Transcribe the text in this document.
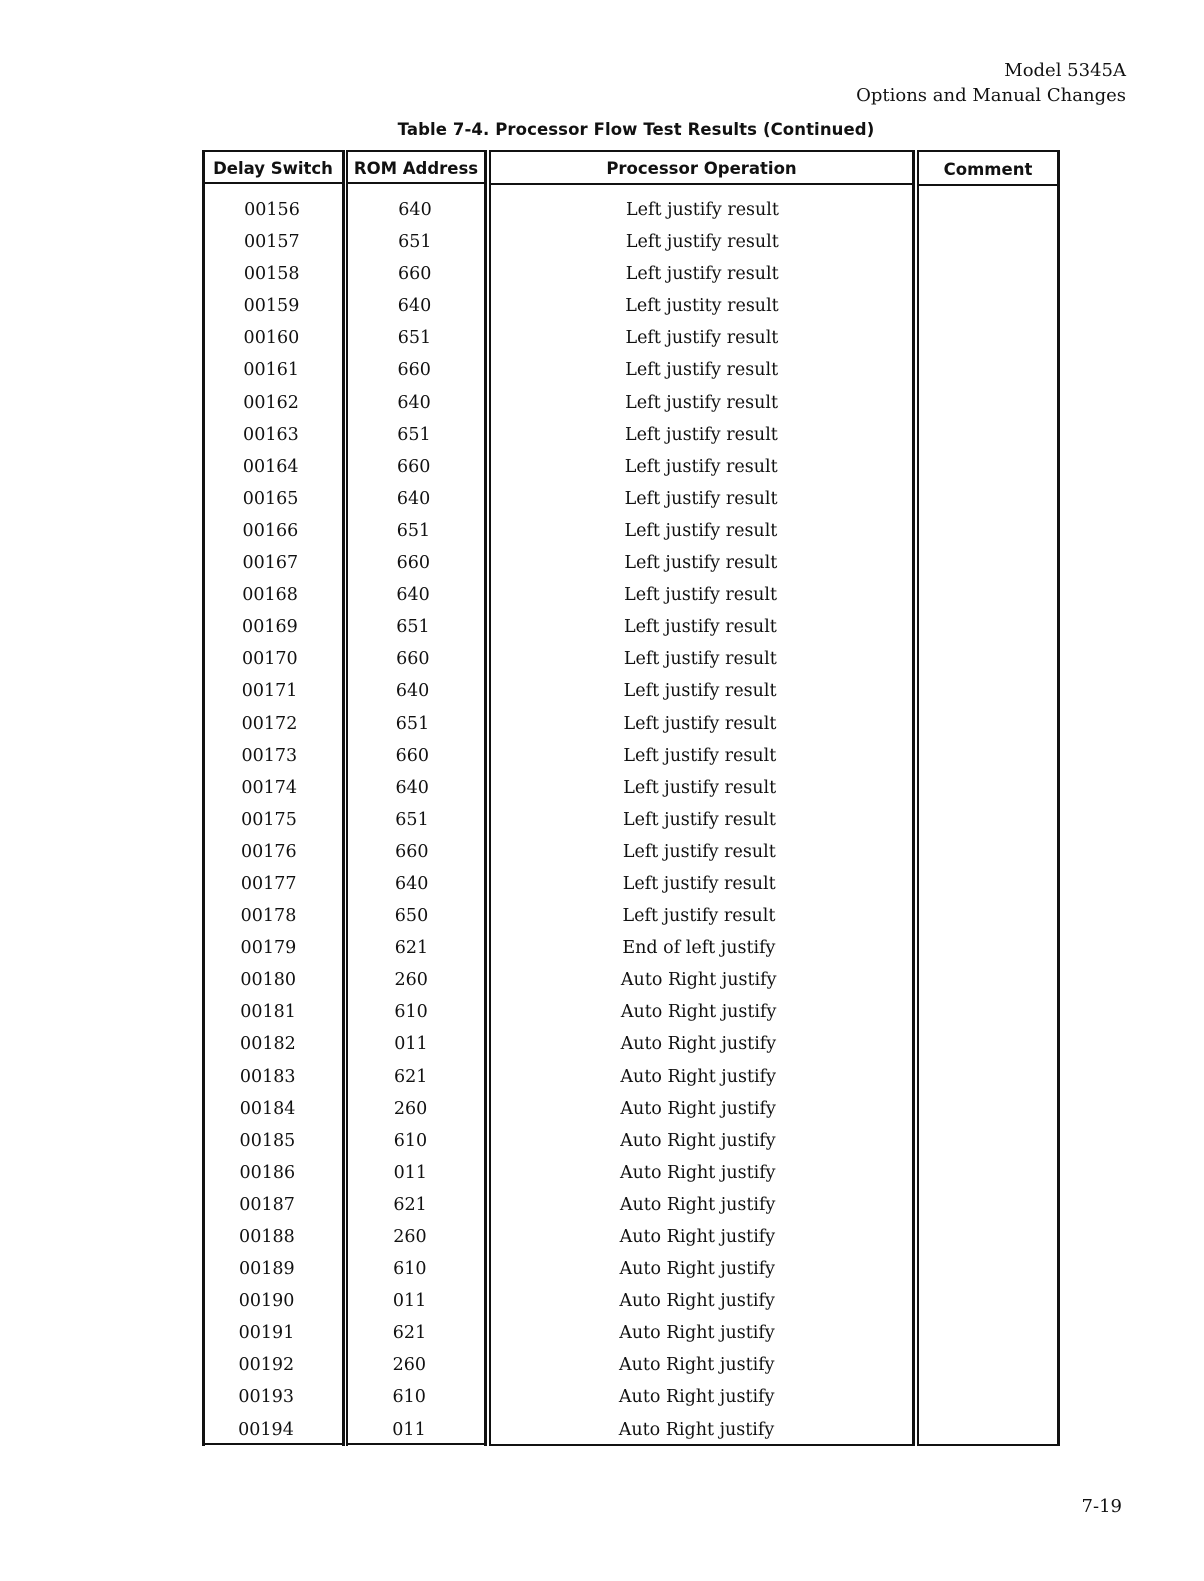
Model 5345A
Options and Manual Changes
Table 7-4. Processor Flow Test Results (Continued)
Delay Switch	ROM Address	Processor Operation	Comment
00156	640	Left justify result
00157	651	Left justify result
00158	660	Left justify result
00159	640	Left justity result
00160	651	Left justify result
00161	660	Left justify result
00162	640	Left justify result
00163	651	Left justify result
00164	660	Left justify result
00165	640	Left justify result
00166	651	Left justify result
00167	660	Left justify result
00168	640	Left justify result
00169	651	Left justify result
00170	660	Left justify result
00171	640	Left justify result
00172	651	Left justify result
00173	660	Left justify result
00174	640	Left justify result
00175	651	Left justify result
00176	660	Left justify result
00177	640	Left justify result
00178	650	Left justify result
00179	621	End of left justify
00180	260	Auto Right justify
00181	610	Auto Right justify
00182	011	Auto Right justify
00183	621	Auto Right justify
00184	260	Auto Right justify
00185	610	Auto Right justify
00186	011	Auto Right justify
00187	621	Auto Right justify
00188	260	Auto Right justify
00189	610	Auto Right justify
00190	011	Auto Right justify
00191	621	Auto Right justify
00192	260	Auto Right justify
00193	610	Auto Right justify
00194	011	Auto Right justify
7-19
